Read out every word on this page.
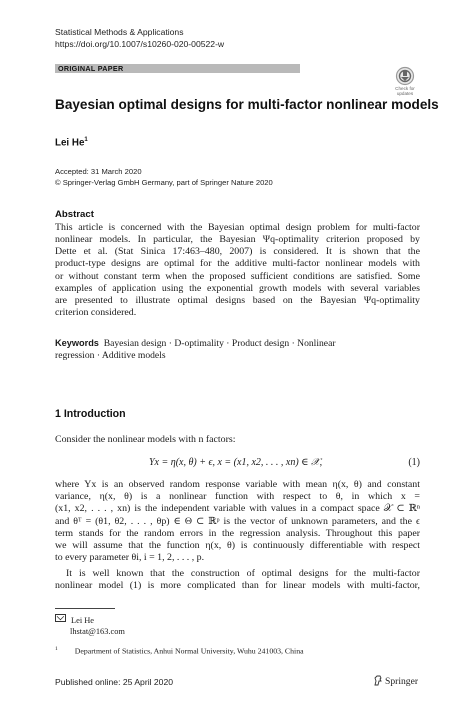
Statistical Methods & Applications
https://doi.org/10.1007/s10260-020-00522-w
ORIGINAL PAPER
Check for updates
Bayesian optimal designs for multi-factor nonlinear models
Lei He$^1$
Accepted: 31 March 2020
© Springer-Verlag GmbH Germany, part of Springer Nature 2020
Abstract
This article is concerned with the Bayesian optimal design problem for multi-factor
nonlinear models. In particular, the Bayesian Ψq-optimality criterion proposed by
Dette et al. (Stat Sinica 17:463–480, 2007) is considered. It is shown that the
product-type designs are optimal for the additive multi-factor nonlinear models with
or without constant term when the proposed sufficient conditions are satisfied. Some
examples of application using the exponential growth models with several variables
are presented to illustrate optimal designs based on the Bayesian Ψq-optimality
criterion considered.
Keywords Bayesian design · D-optimality · Product design · Nonlinear
regression · Additive models
1 Introduction
Consider the nonlinear models with n factors:
Yx = η(x, θ) + ϵ, x = (x1, x2, . . . , xn) ∈ 𝒳,	(1)
where Yx is an observed random response variable with mean η(x, θ) and constant
variance, η(x, θ) is a nonlinear function with respect to θ, in which x =
(x1, x2, . . . , xn) is the independent variable with values in a compact space 𝒳 ⊂ ℝⁿ
and θᵀ = (θ1, θ2, . . . , θp) ∈ Θ ⊂ ℝᵖ is the vector of unknown parameters, and the ϵ
term stands for the random errors in the regression analysis. Throughout this paper
we will assume that the function η(x, θ) is continuously differentiable with respect
to every parameter θi, i = 1, 2, . . . , p.
It is well known that the construction of optimal designs for the multi-factor
nonlinear model (1) is more complicated than for linear models with multi-factor,
Lei He
lhstat@163.com
$^1$ Department of Statistics, Anhui Normal University, Wuhu 241003, China
Published online: 25 April 2020	Springer
